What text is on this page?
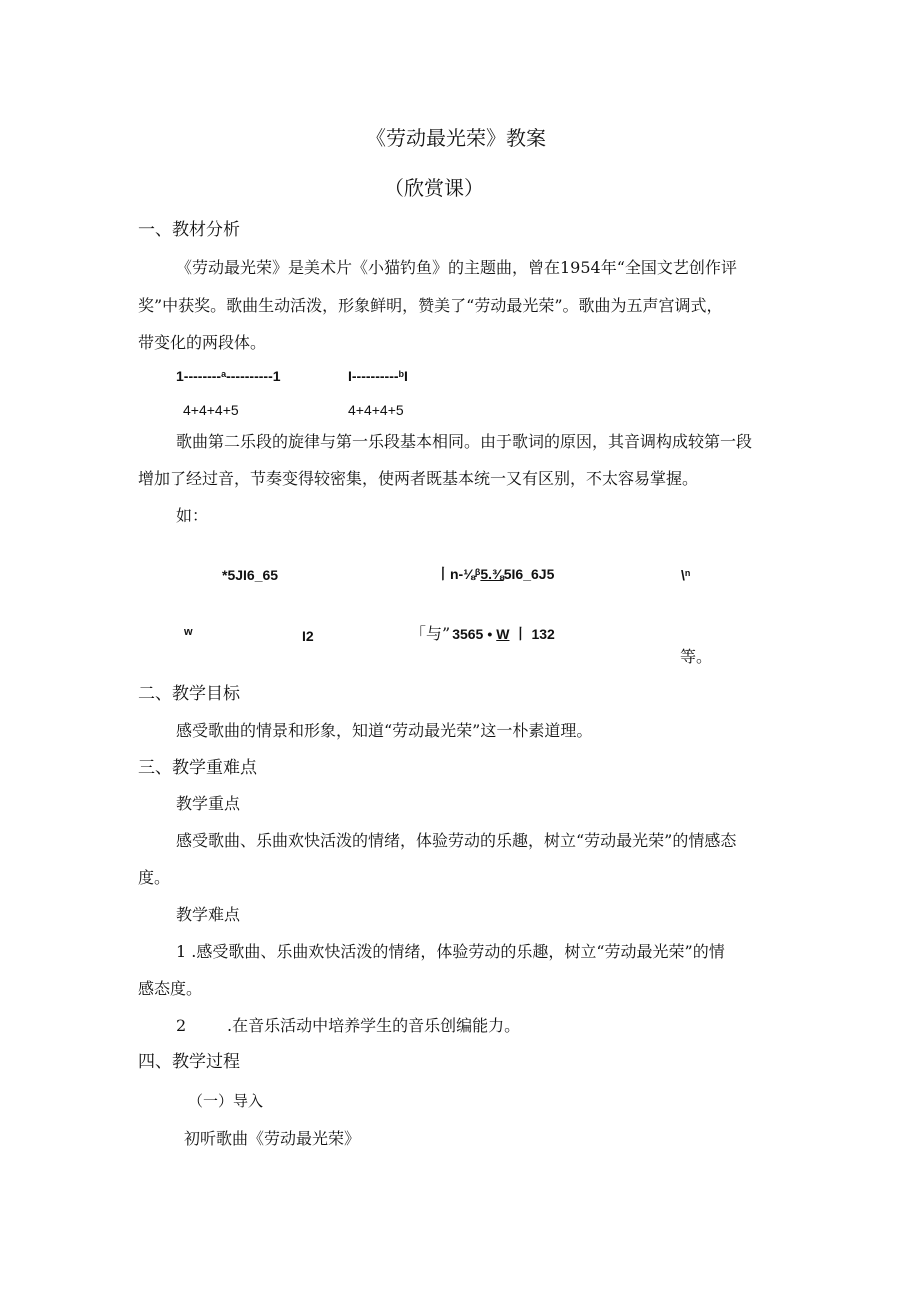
《劳动最光荣》教案
（欣赏课）
一、教材分析
《劳动最光荣》是美术片《小猫钓鱼》的主题曲，曾在1954年“全国文艺创作评
奖”中获奖。歌曲生动活泼，形象鲜明，赞美了“劳动最光荣”。歌曲为五声宫调式，
带变化的两段体。
1--------$^a$----------1	I----------$^b$I
4+4+4+5	4+4+4+5
歌曲第二乐段的旋律与第一乐段基本相同。由于歌词的原因，其音调构成较第一段
增加了经过音，节奏变得较密集，使两者既基本统一又有区别，不太容易掌握。
如：
*5JI6_65	丨n-⅛$^\beta$5.⅜5I6_6J5	\$^n$
w	I2	「与” 3565 • W 丨 132
等。
二、教学目标
感受歌曲的情景和形象，知道“劳动最光荣”这一朴素道理。
三、教学重难点
教学重点
感受歌曲、乐曲欢快活泼的情绪，体验劳动的乐趣，树立“劳动最光荣”的情感态
度。
教学难点
1 .感受歌曲、乐曲欢快活泼的情绪，体验劳动的乐趣，树立“劳动最光荣”的情
感态度。
2	.在音乐活动中培养学生的音乐创编能力。
四、教学过程
（一）导入
初听歌曲《劳动最光荣》
